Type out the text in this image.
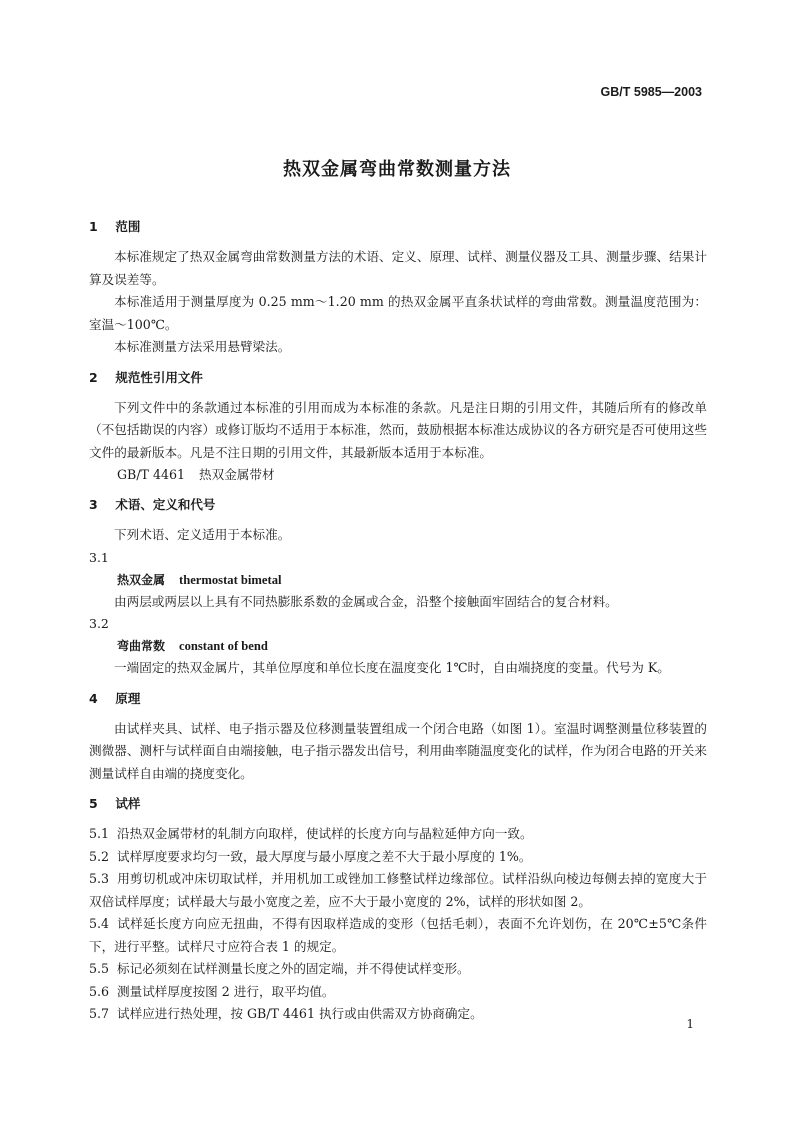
GB/T 5985—2003
热双金属弯曲常数测量方法
1 范围
本标准规定了热双金属弯曲常数测量方法的术语、定义、原理、试样、测量仪器及工具、测量步骤、结果计算及误差等。
本标准适用于测量厚度为 0.25 mm～1.20 mm 的热双金属平直条状试样的弯曲常数。测量温度范围为：室温～100℃。
本标准测量方法采用悬臂梁法。
2 规范性引用文件
下列文件中的条款通过本标准的引用而成为本标准的条款。凡是注日期的引用文件，其随后所有的修改单（不包括勘误的内容）或修订版均不适用于本标准，然而，鼓励根据本标准达成协议的各方研究是否可使用这些文件的最新版本。凡是不注日期的引用文件，其最新版本适用于本标准。
GB/T 4461 热双金属带材
3 术语、定义和代号
下列术语、定义适用于本标准。
3.1
热双金属 thermostat bimetal
由两层或两层以上具有不同热膨胀系数的金属或合金，沿整个接触面牢固结合的复合材料。
3.2
弯曲常数 constant of bend
一端固定的热双金属片，其单位厚度和单位长度在温度变化 1℃时，自由端挠度的变量。代号为 K。
4 原理
由试样夹具、试样、电子指示器及位移测量装置组成一个闭合电路（如图 1）。室温时调整测量位移装置的测微器、测杆与试样面自由端接触，电子指示器发出信号，利用曲率随温度变化的试样，作为闭合电路的开关来测量试样自由端的挠度变化。
5 试样
5.1 沿热双金属带材的轧制方向取样，使试样的长度方向与晶粒延伸方向一致。
5.2 试样厚度要求均匀一致，最大厚度与最小厚度之差不大于最小厚度的 1%。
5.3 用剪切机或冲床切取试样，并用机加工或锉加工修整试样边缘部位。试样沿纵向棱边每侧去掉的宽度大于双倍试样厚度；试样最大与最小宽度之差，应不大于最小宽度的 2%，试样的形状如图 2。
5.4 试样延长度方向应无扭曲，不得有因取样造成的变形（包括毛刺），表面不允许划伤，在 20℃±5℃条件下，进行平整。试样尺寸应符合表 1 的规定。
5.5 标记必须刻在试样测量长度之外的固定端，并不得使试样变形。
5.6 测量试样厚度按图 2 进行，取平均值。
5.7 试样应进行热处理，按 GB/T 4461 执行或由供需双方协商确定。
1
